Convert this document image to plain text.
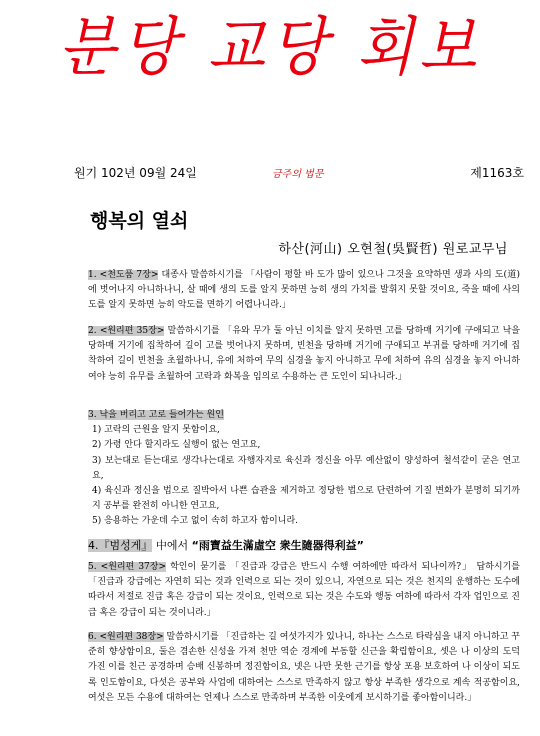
분당 교당 회보
원기 102년 09월 24일	금주의 법문	제1163호
행복의 열쇠
하산(河山) 오현철(吳賢哲) 원로교무님
1. <천도품 7장> 대종사 말씀하시기를 「사람이 평할 바 도가 많이 있으나 그것을 요약하면 생과 사의 도(道)에 벗어나지 아니하나니, 살 때에 생의 도를 알지 못하면 능히 생의 가치를 발휘지 못할 것이요, 죽을 때에 사의 도를 알지 못하면 능히 악도를 면하기 어렵나니라.」
2. <원리편 35장> 말씀하시기를 「유와 무가 둘 아닌 이치를 알지 못하면 고를 당하매 거기에 구애되고 낙을 당하매 거기에 집착하여 길이 고를 벗어나지 못하며, 빈천을 당하매 거기에 구애되고 부귀를 당하매 거기에 집착하여 길이 빈천을 초월하나니, 유에 처하여 무의 심경을 놓지 아니하고 무에 처하여 유의 심경을 놓지 아니하여야 능히 유무를 초월하여 고락과 화복을 임의로 수용하는 큰 도인이 되나니라.」
3. 낙을 버리고 고로 들어가는 원인
1) 고락의 근원을 알지 못함이요,
2) 가령 안다 할지라도 실행이 없는 연고요,
3) 보는대로 듣는대로 생각나는대로 자행자지로 육신과 정신을 아무 예산없이 양성하여 철석같이 굳은 연고요,
4) 육신과 정신을 법으로 질박아서 나쁜 습관을 제거하고 정당한 법으로 단련하여 기질 변화가 분명히 되기까지 공부를 완전히 아니한 연고요,
5) 응용하는 가운데 수고 없이 속히 하고자 함이니라.
4.『범성게』 中에서 “雨寶益生滿虛空 衆生隨器得利益”
5. <원리편 37장> 학인이 묻기를 「진급과 강급은 반드시 수행 여하에만 따라서 되나이까?」 답하시기를 「진급과 강급에는 자연히 되는 것과 인력으로 되는 것이 있으니, 자연으로 되는 것은 천지의 운행하는 도수에 따라서 저절로 진급 혹은 강급이 되는 것이요, 인력으로 되는 것은 수도와 행동 여하에 따라서 각자 업인으로 진급 혹은 강급이 되는 것이니라.」
6. <원리편 38장> 말씀하시기를 「진급하는 길 여섯가지가 있나니, 하나는 스스로 타락심을 내지 아니하고 꾸준히 향상함이요, 둘은 겸손한 신성을 가져 천만 역순 경계에 부동할 신근을 확립함이요, 셋은 나 이상의 도덕 가진 이를 친근 공경하며 승배 신봉하며 정진함이요, 넷은 나만 못한 근기를 항상 포용 보호하여 나 이상이 되도록 인도함이요, 다섯은 공부와 사업에 대하여는 스스로 만족하지 않고 항상 부족한 생각으로 계속 적공함이요, 여섯은 모든 수용에 대하여는 언제나 스스로 만족하며 부족한 이웃에게 보시하기를 좋아함이니라.」
